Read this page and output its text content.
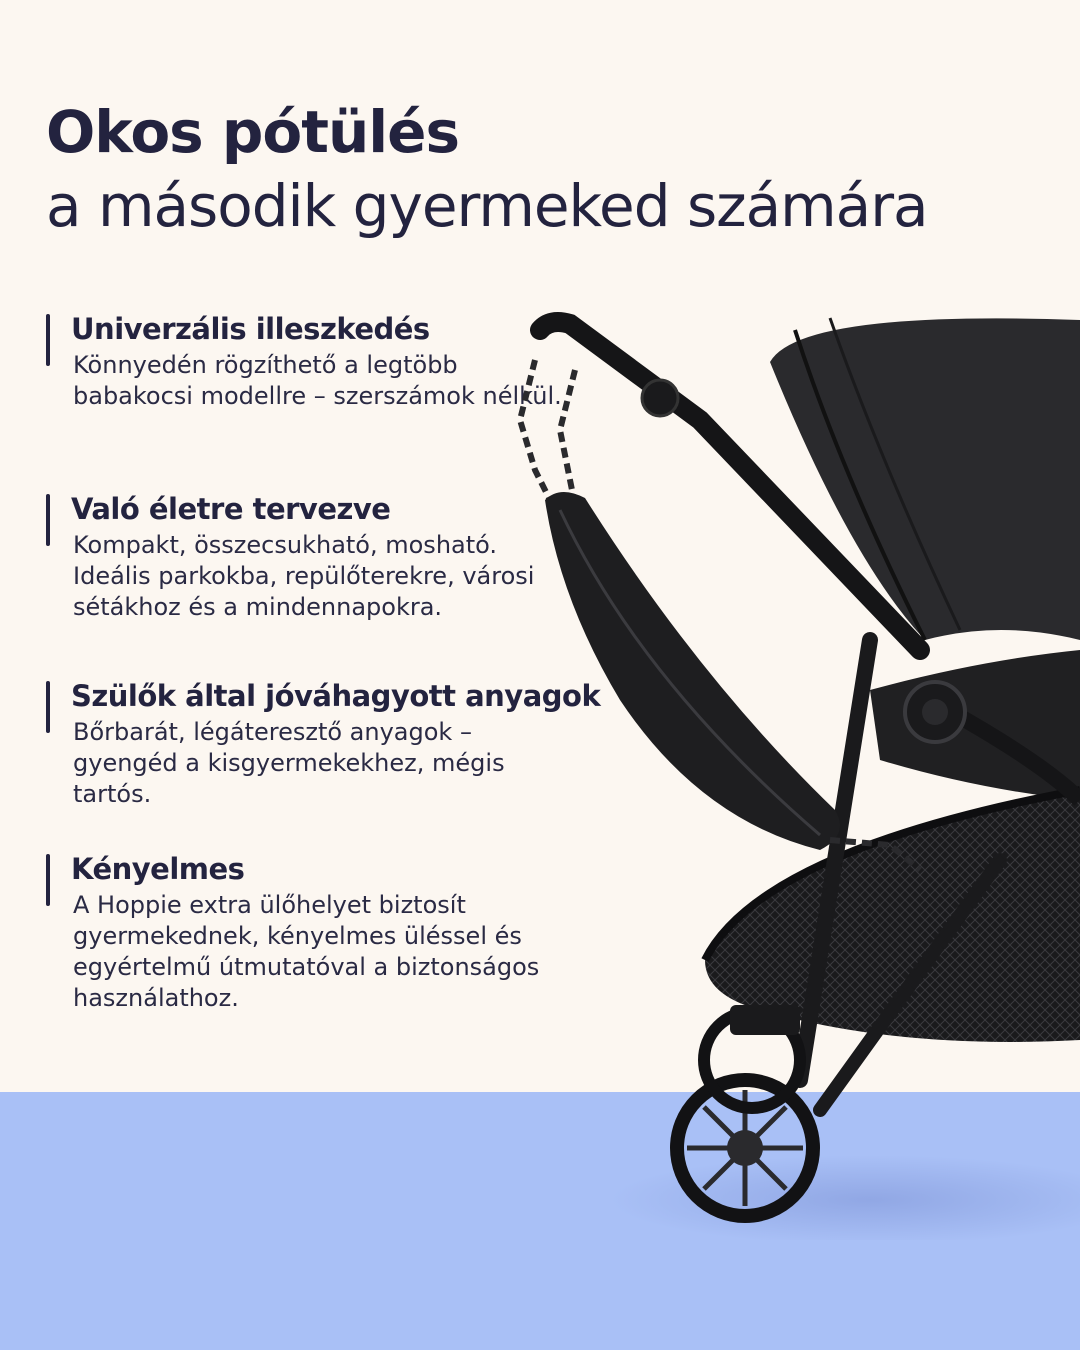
Okos pótülés
a második gyermeked számára
Univerzális illeszkedés

Könnyedén rögzíthető a legtöbb babakocsi modellre – szerszámok nélkül.

Való életre tervezve

Kompakt, összecsukható, mosható. Ideális parkokba, repülőterekre, városi sétákhoz és a mindennapokra.

Szülők által jóváhagyott anyagok

Bőrbarát, légáteresztő anyagok – gyengéd a kisgyermekekhez, mégis tartós.

Kényelmes

A Hoppie extra ülőhelyet biztosít gyermekednek, kényelmes üléssel és egyértelmű útmutatóval a biztonságos használathoz.
